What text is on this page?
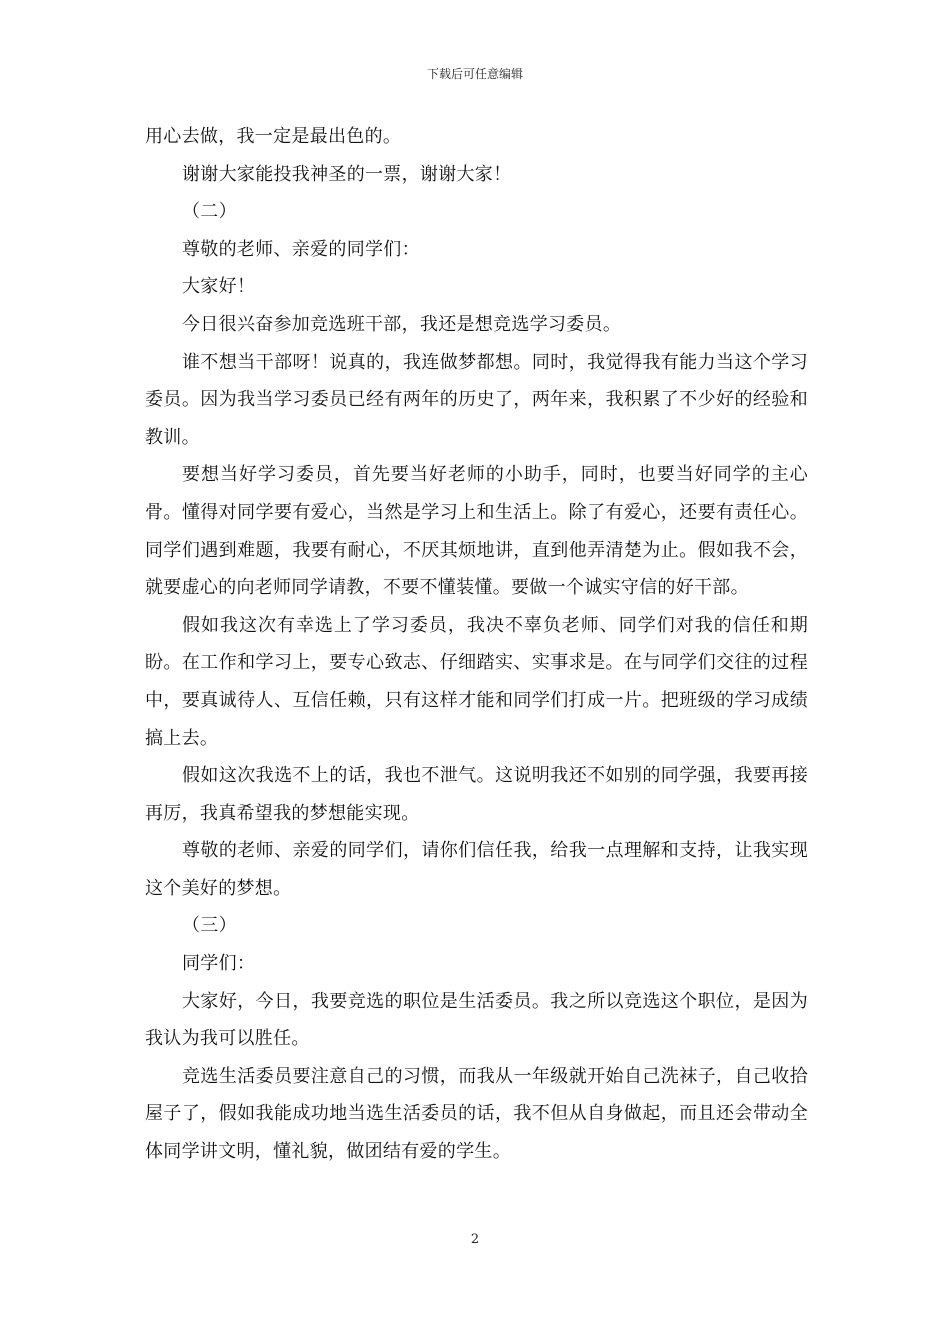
下载后可任意编辑

用心去做，我一定是最出色的。

谢谢大家能投我神圣的一票，谢谢大家！

（二）

尊敬的老师、亲爱的同学们：

大家好！

今日很兴奋参加竞选班干部，我还是想竞选学习委员。

谁不想当干部呀！说真的，我连做梦都想。同时，我觉得我有能力当这个学习委员。因为我当学习委员已经有两年的历史了，两年来，我积累了不少好的经验和教训。

要想当好学习委员，首先要当好老师的小助手，同时，也要当好同学的主心骨。懂得对同学要有爱心，当然是学习上和生活上。除了有爱心，还要有责任心。同学们遇到难题，我要有耐心，不厌其烦地讲，直到他弄清楚为止。假如我不会，就要虚心的向老师同学请教，不要不懂装懂。要做一个诚实守信的好干部。

假如我这次有幸选上了学习委员，我决不辜负老师、同学们对我的信任和期盼。在工作和学习上，要专心致志、仔细踏实、实事求是。在与同学们交往的过程中，要真诚待人、互信任赖，只有这样才能和同学们打成一片。把班级的学习成绩搞上去。

假如这次我选不上的话，我也不泄气。这说明我还不如别的同学强，我要再接再厉，我真希望我的梦想能实现。

尊敬的老师、亲爱的同学们，请你们信任我，给我一点理解和支持，让我实现这个美好的梦想。

（三）

同学们：

大家好，今日，我要竞选的职位是生活委员。我之所以竞选这个职位，是因为我认为我可以胜任。

竞选生活委员要注意自己的习惯，而我从一年级就开始自己洗袜子，自己收拾屋子了，假如我能成功地当选生活委员的话，我不但从自身做起，而且还会带动全体同学讲文明，懂礼貌，做团结有爱的学生。

2
